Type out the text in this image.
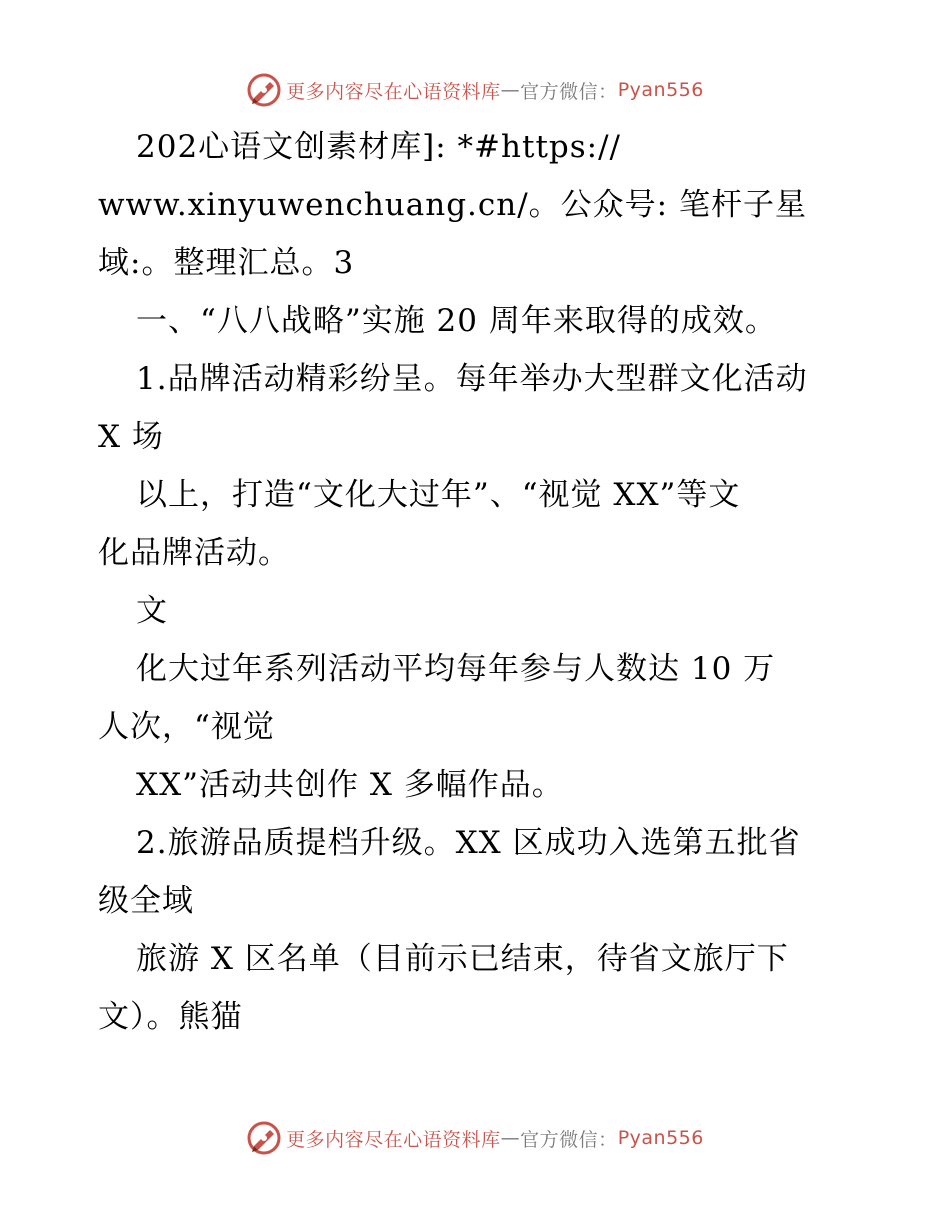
更多内容尽在心语资料库 — 官方微信： Pyan556
202心语文创素材库]: *#https://
www.xinyuwenchuang.cn/。公众号: 笔杆子星
域:。整理汇总。3
一、“八八战略”实施 20 周年来取得的成效。
1.品牌活动精彩纷呈。每年举办大型群文化活动
X 场
以上，打造“文化大过年”、“视觉 XX”等文
化品牌活动。
文
化大过年系列活动平均每年参与人数达 10 万
人次，“视觉
XX”活动共创作 X 多幅作品。
2.旅游品质提档升级。XX 区成功入选第五批省
级全域
旅游 X 区名单（目前示已结束，待省文旅厅下
文）。熊猫
更多内容尽在心语资料库 — 官方微信： Pyan556
